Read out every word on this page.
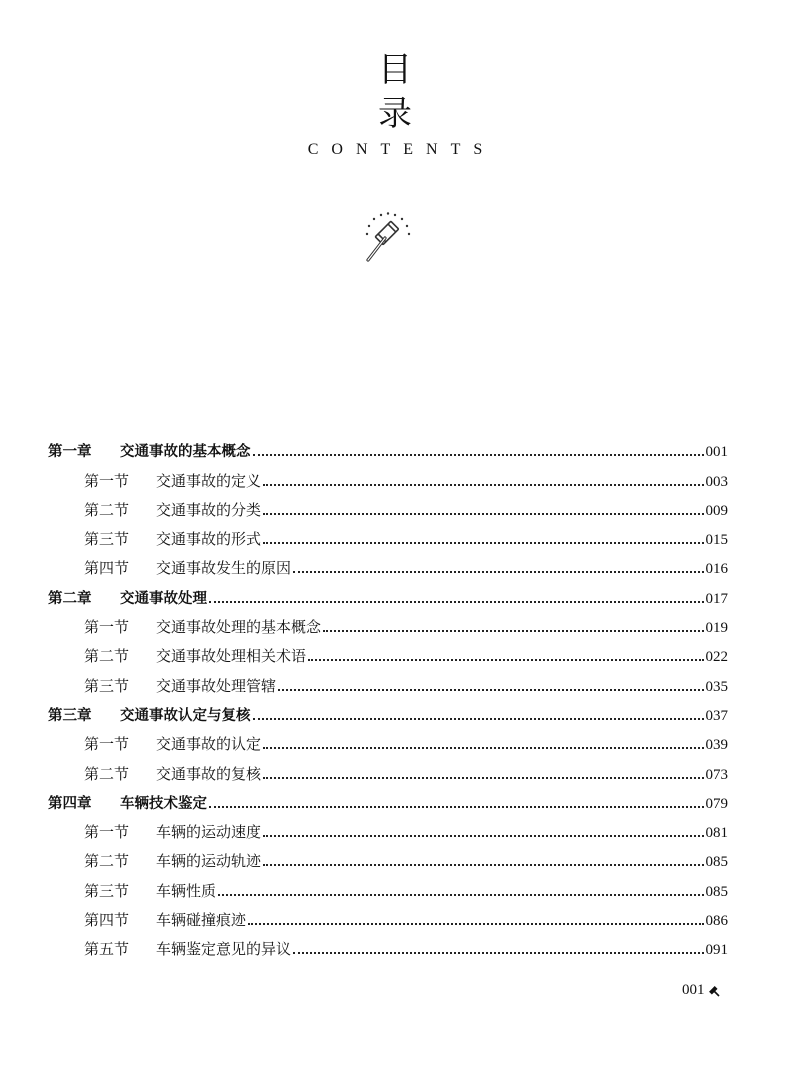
目
录
CONTENTS
第一章	交通事故的基本概念	001
第一节	交通事故的定义	003
第二节	交通事故的分类	009
第三节	交通事故的形式	015
第四节	交通事故发生的原因	016
第二章	交通事故处理	017
第一节	交通事故处理的基本概念	019
第二节	交通事故处理相关术语	022
第三节	交通事故处理管辖	035
第三章	交通事故认定与复核	037
第一节	交通事故的认定	039
第二节	交通事故的复核	073
第四章	车辆技术鉴定	079
第一节	车辆的运动速度	081
第二节	车辆的运动轨迹	085
第三节	车辆性质	085
第四节	车辆碰撞痕迹	086
第五节	车辆鉴定意见的异议	091
001
